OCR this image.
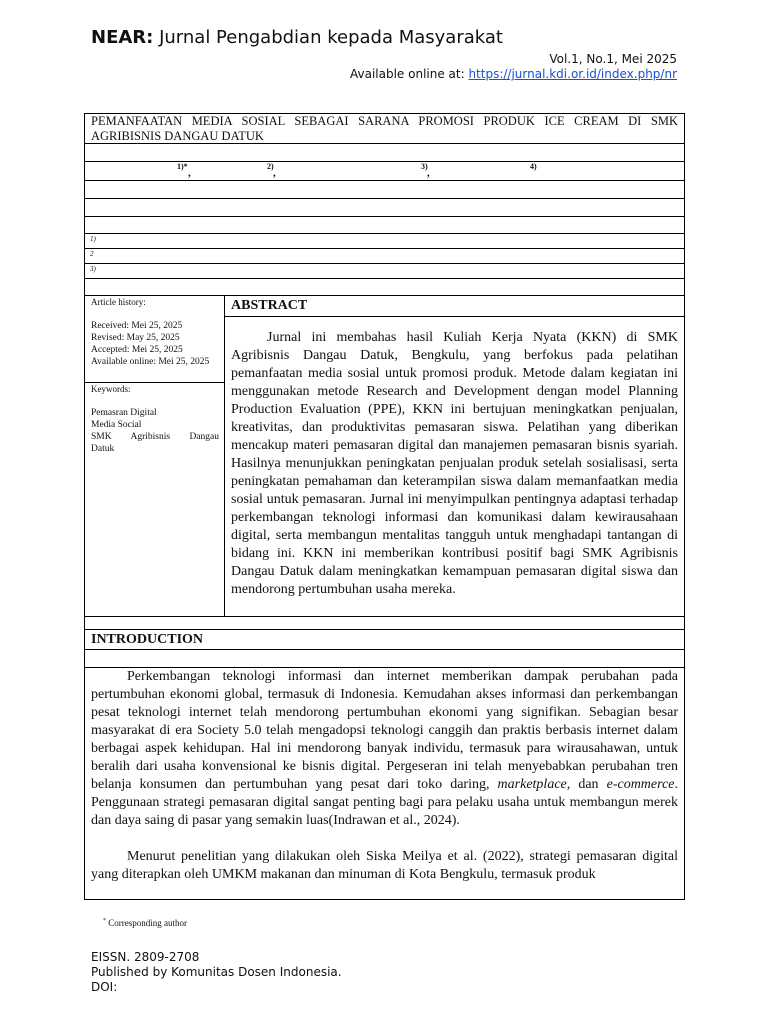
NEAR: Jurnal Pengabdian kepada Masyarakat
Vol.1, No.1, Mei 2025
Available online at: https://jurnal.kdi.or.id/index.php/nr
PEMANFAATAN MEDIA SOSIAL SEBAGAI SARANA PROMOSI PRODUK ICE CREAM DI SMK AGRIBISNIS DANGAU DATUK
1)*
,
2)
,
3)
,
4)
1)
2
3)
Article history:
Received: Mei 25, 2025
Revised: May 25, 2025
Accepted: Mei 25, 2025
Available online: Mei 25, 2025
Keywords:
Pemasran Digital
Media Social
SMK Agribisnis Dangau
Datuk
ABSTRACT

Jurnal ini membahas hasil Kuliah Kerja Nyata (KKN) di SMK Agribisnis Dangau Datuk, Bengkulu, yang berfokus pada pelatihan pemanfaatan media sosial untuk promosi produk. Metode dalam kegiatan ini menggunakan metode Research and Development dengan model Planning Production Evaluation (PPE), KKN ini bertujuan meningkatkan penjualan, kreativitas, dan produktivitas pemasaran siswa. Pelatihan yang diberikan mencakup materi pemasaran digital dan manajemen pemasaran bisnis syariah. Hasilnya menunjukkan peningkatan penjualan produk setelah sosialisasi, serta peningkatan pemahaman dan keterampilan siswa dalam memanfaatkan media sosial untuk pemasaran. Jurnal ini menyimpulkan pentingnya adaptasi terhadap perkembangan teknologi informasi dan komunikasi dalam kewirausahaan digital, serta membangun mentalitas tangguh untuk menghadapi tantangan di bidang ini. KKN ini memberikan kontribusi positif bagi SMK Agribisnis Dangau Datuk dalam meningkatkan kemampuan pemasaran digital siswa dan mendorong pertumbuhan usaha mereka.

INTRODUCTION

Perkembangan teknologi informasi dan internet memberikan dampak perubahan pada pertumbuhan ekonomi global, termasuk di Indonesia. Kemudahan akses informasi dan perkembangan pesat teknologi internet telah mendorong pertumbuhan ekonomi yang signifikan. Sebagian besar masyarakat di era Society 5.0 telah mengadopsi teknologi canggih dan praktis berbasis internet dalam berbagai aspek kehidupan. Hal ini mendorong banyak individu, termasuk para wirausahawan, untuk beralih dari usaha konvensional ke bisnis digital. Pergeseran ini telah menyebabkan perubahan tren belanja konsumen dan pertumbuhan yang pesat dari toko daring, marketplace, dan e-commerce. Penggunaan strategi pemasaran digital sangat penting bagi para pelaku usaha untuk membangun merek dan daya saing di pasar yang semakin luas(Indrawan et al., 2024).

Menurut penelitian yang dilakukan oleh Siska Meilya et al. (2022), strategi pemasaran digital yang diterapkan oleh UMKM makanan dan minuman di Kota Bengkulu, termasuk produk

* Corresponding author
EISSN. 2809-2708
Published by Komunitas Dosen Indonesia.
DOI:
